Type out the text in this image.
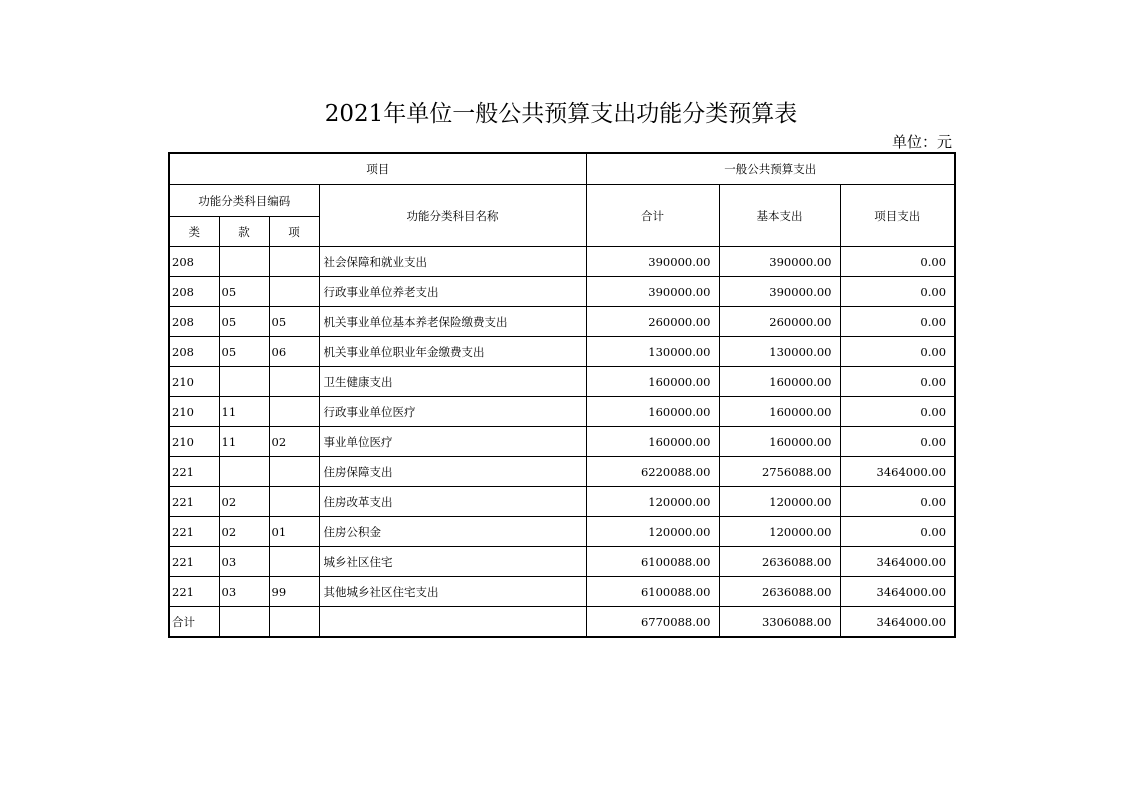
2021年单位一般公共预算支出功能分类预算表
单位：元
项目				一般公共预算支出		
功能分类科目编码			功能分类科目名称	合计	基本支出	项目支出
类	款	项				
208			社会保障和就业支出	390000.00	390000.00	0.00
208	05		行政事业单位养老支出	390000.00	390000.00	0.00
208	05	05	机关事业单位基本养老保险缴费支出	260000.00	260000.00	0.00
208	05	06	机关事业单位职业年金缴费支出	130000.00	130000.00	0.00
210			卫生健康支出	160000.00	160000.00	0.00
210	11		行政事业单位医疗	160000.00	160000.00	0.00
210	11	02	事业单位医疗	160000.00	160000.00	0.00
221			住房保障支出	6220088.00	2756088.00	3464000.00
221	02		住房改革支出	120000.00	120000.00	0.00
221	02	01	住房公积金	120000.00	120000.00	0.00
221	03		城乡社区住宅	6100088.00	2636088.00	3464000.00
221	03	99	其他城乡社区住宅支出	6100088.00	2636088.00	3464000.00
合计				6770088.00	3306088.00	3464000.00
